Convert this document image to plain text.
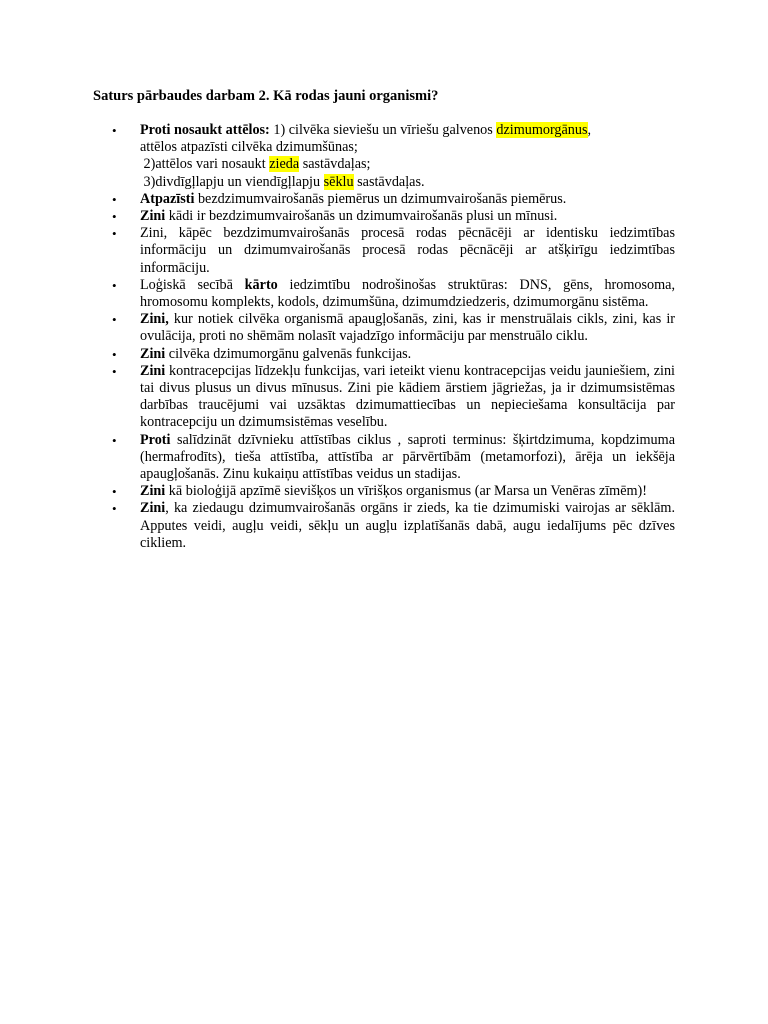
Saturs pārbaudes darbam 2. Kā rodas jauni organismi?
• Proti nosaukt attēlos: 1) cilvēka sieviešu un vīriešu galvenos dzimumorgānus,
attēlos atpazīsti cilvēka dzimumšūnas;
2)attēlos vari nosaukt zieda sastāvdaļas;
3)divdīgļlapju un viendīgļlapju sēklu sastāvdaļas.
• Atpazīsti bezdzimumvairošanās piemērus un dzimumvairošanās piemērus.
• Zini kādi ir bezdzimumvairošanās un dzimumvairošanās plusi un mīnusi.
• Zini, kāpēc bezdzimumvairošanās procesā rodas pēcnācēji ar identisku iedzimtības informāciju un dzimumvairošanās procesā rodas pēcnācēji ar atšķirīgu iedzimtības informāciju.
• Loģiskā secībā kārto iedzimtību nodrošinošas struktūras: DNS, gēns, hromosoma, hromosomu komplekts, kodols, dzimumšūna, dzimumdziedzeris, dzimumorgānu sistēma.
• Zini, kur notiek cilvēka organismā apaugļošanās, zini, kas ir menstruālais cikls, zini, kas ir ovulācija, proti no shēmām nolasīt vajadzīgo informāciju par menstruālo ciklu.
• Zini cilvēka dzimumorgānu galvenās funkcijas.
• Zini kontracepcijas līdzekļu funkcijas, vari ieteikt vienu kontracepcijas veidu jauniešiem, zini tai divus plusus un divus mīnusus. Zini pie kādiem ārstiem jāgriežas, ja ir dzimumsistēmas darbības traucējumi vai uzsāktas dzimumattiecības un nepieciešama konsultācija par kontracepciju un dzimumsistēmas veselību.
• Proti salīdzināt dzīvnieku attīstības ciklus , saproti terminus: šķirtdzimuma, kopdzimuma (hermafrodīts), tieša attīstība, attīstība ar pārvērtībām (metamorfozi), ārēja un iekšēja apaugļošanās. Zinu kukaiņu attīstības veidus un stadijas.
• Zini kā bioloģijā apzīmē sievišķos un vīrišķos organismus (ar Marsa un Venēras zīmēm)!
• Zini, ka ziedaugu dzimumvairošanās orgāns ir zieds, ka tie dzimumiski vairojas ar sēklām. Apputes veidi, augļu veidi, sēkļu un augļu izplatīšanās dabā, augu iedalījums pēc dzīves cikliem.
